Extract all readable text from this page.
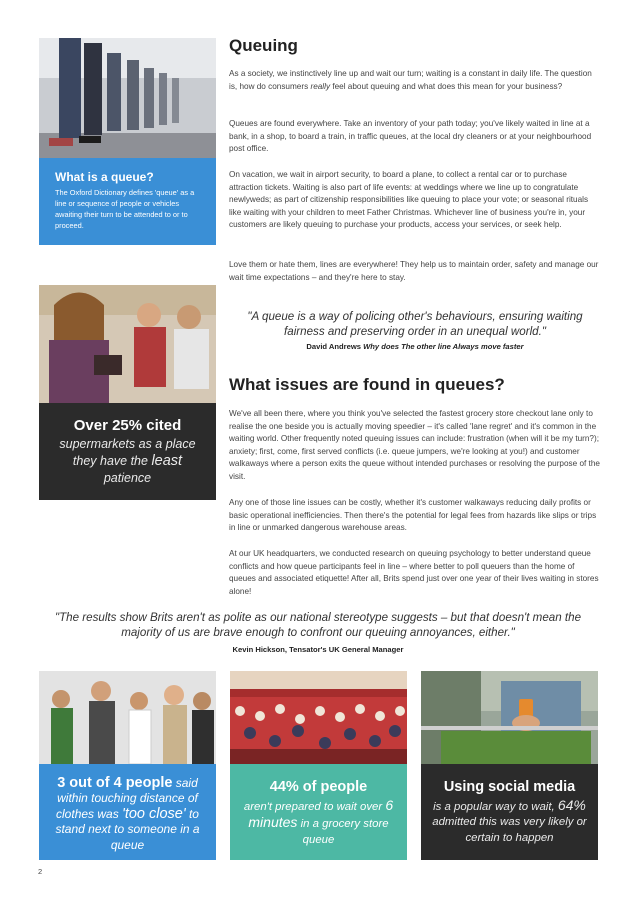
What is a queue?
The Oxford Dictionary defines 'queue' as a line or sequence of people or vehicles awaiting their turn to be attended to or to proceed.
Over 25% cited
supermarkets as a place they have the least patience
Queuing

As a society, we instinctively line up and wait our turn; waiting is a constant in daily life. The question is, how do consumers really feel about queuing and what does this mean for your business?

Queues are found everywhere. Take an inventory of your path today; you've likely waited in line at a bank, in a shop, to board a train, in traffic queues, at the local dry cleaners or at your neighbourhood post office.

On vacation, we wait in airport security, to board a plane, to collect a rental car or to purchase attraction tickets. Waiting is also part of life events: at weddings where we line up to congratulate newlyweds; as part of citizenship responsibilities like queuing to place your vote; or seasonal rituals like waiting with your children to meet Father Christmas. Whichever line of business you're in, your customers are likely queuing to purchase your products, access your services, or seek help.

Love them or hate them, lines are everywhere! They help us to maintain order, safety and manage our wait time expectations – and they're here to stay.

"A queue is a way of policing other's behaviours, ensuring waiting fairness and preserving order in an unequal world."
David Andrews Why does The other line Always move faster
What issues are found in queues?

We've all been there, where you think you've selected the fastest grocery store checkout lane only to realise the one beside you is actually moving speedier – it's called 'lane regret' and it's common in the waiting world. Other frequently noted queuing issues can include: frustration (when will it be my turn?); anxiety; first, come, first served conflicts (i.e. queue jumpers, we're looking at you!) and customer walkaways where a person exits the queue without intended purchases or resolving the purpose of the visit.

Any one of those line issues can be costly, whether it's customer walkaways reducing daily profits or basic operational inefficiencies. Then there's the potential for legal fees from hazards like slips or trips in line or unmarked dangerous warehouse areas.

At our UK headquarters, we conducted research on queuing psychology to better understand queue conflicts and how queue participants feel in line – where better to poll queuers than the home of queues and associated etiquette! After all, Brits spend just over one year of their lives waiting in stores alone!

"The results show Brits aren't as polite as our national stereotype suggests – but that doesn't mean the majority of us are brave enough to confront our queuing annoyances, either."
Kevin Hickson, Tensator's UK General Manager
3 out of 4 people said within touching distance of clothes was 'too close' to stand next to someone in a queue
44% of people
aren't prepared to wait over 6 minutes in a grocery store queue
Using social media
is a popular way to wait, 64% admitted this was very likely or certain to happen
2
